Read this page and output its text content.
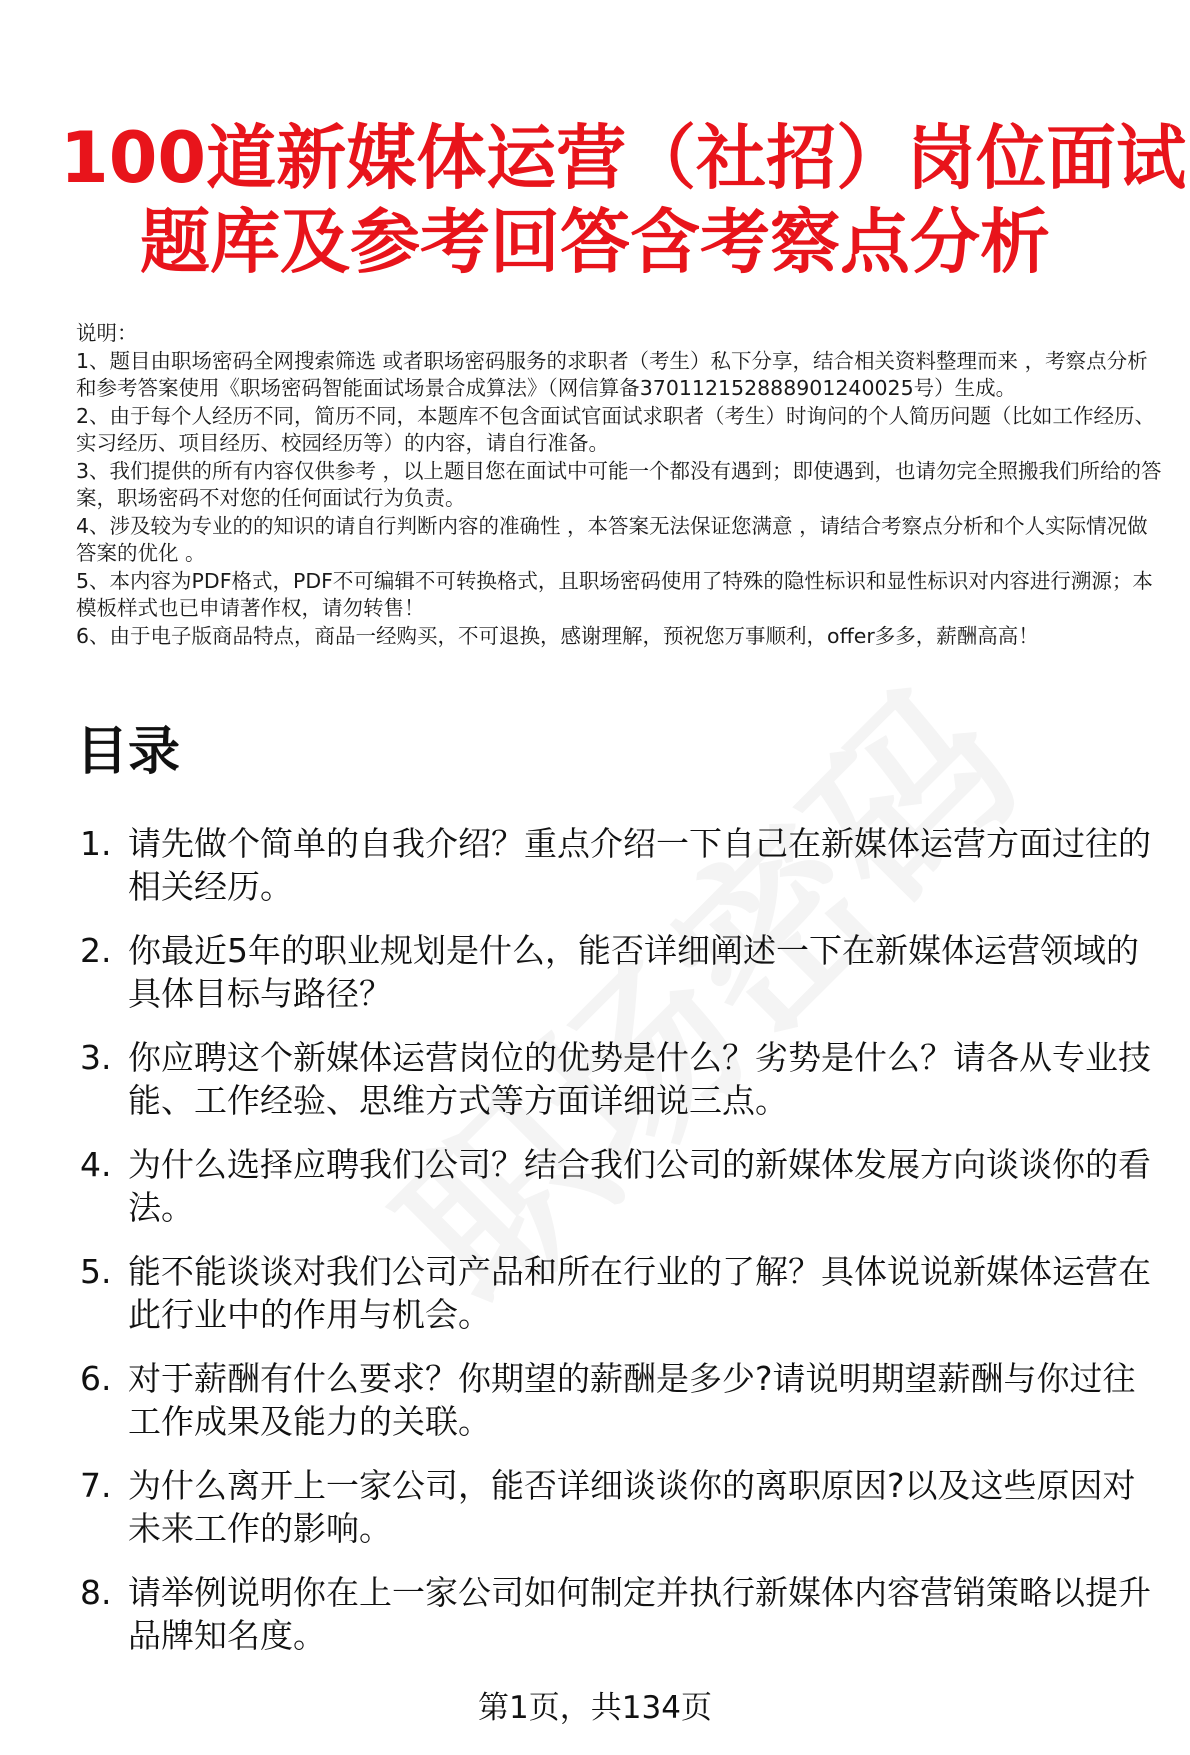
100道新媒体运营（社招）岗位面试
题库及参考回答含考察点分析

说明：

1、题目由职场密码全网搜索筛选 或者职场密码服务的求职者（考生）私下分享，结合相关资料整理而来 ，考察点分析和参考答案使用《职场密码智能面试场景合成算法》（网信算备370112152888901240025号）生成。

2、由于每个人经历不同，简历不同，本题库不包含面试官面试求职者（考生）时询问的个人简历问题（比如工作经历、实习经历、项目经历、校园经历等）的内容，请自行准备。

3、我们提供的所有内容仅供参考 ，以上题目您在面试中可能一个都没有遇到；即使遇到，也请勿完全照搬我们所给的答案，职场密码不对您的任何面试行为负责。

4、涉及较为专业的的知识的请自行判断内容的准确性 ，本答案无法保证您满意 ，请结合考察点分析和个人实际情况做答案的优化 。

5、本内容为PDF格式，PDF不可编辑不可转换格式，且职场密码使用了特殊的隐性标识和显性标识对内容进行溯源；本模板样式也已申请著作权，请勿转售！

6、由于电子版商品特点，商品一经购买，不可退换，感谢理解，预祝您万事顺利，offer多多，薪酬高高！

目录
1. 请先做个简单的自我介绍？重点介绍一下自己在新媒体运营方面过往的相关经历。
2. 你最近5年的职业规划是什么，能否详细阐述一下在新媒体运营领域的具体目标与路径？
3. 你应聘这个新媒体运营岗位的优势是什么？劣势是什么？请各从专业技能、工作经验、思维方式等方面详细说三点。
4. 为什么选择应聘我们公司？结合我们公司的新媒体发展方向谈谈你的看法。
5. 能不能谈谈对我们公司产品和所在行业的了解？具体说说新媒体运营在此行业中的作用与机会。
6. 对于薪酬有什么要求？你期望的薪酬是多少?请说明期望薪酬与你过往工作成果及能力的关联。
7. 为什么离开上一家公司，能否详细谈谈你的离职原因?以及这些原因对未来工作的影响。
8. 请举例说明你在上一家公司如何制定并执行新媒体内容营销策略以提升品牌知名度。
第1页，共134页
